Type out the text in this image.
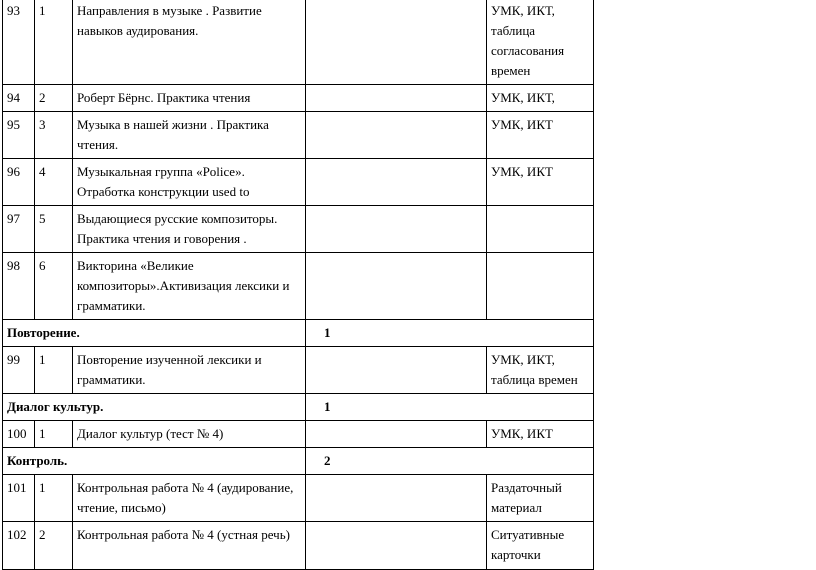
93	1	Направления в музыке . Развитие навыков аудирования.		УМК, ИКТ, таблица согласования времен
94	2	Роберт Бёрнс. Практика чтения		УМК, ИКТ,
95	3	Музыка в нашей жизни . Практика чтения.		УМК, ИКТ
96	4	Музыкальная группа «Police». Отработка конструкции used to		УМК, ИКТ
97	5	Выдающиеся русские композиторы. Практика чтения и говорения .		
98	6	Викторина «Великие композиторы».Активизация лексики и грамматики.		
Повторение.			1	
99	1	Повторение изученной лексики и грамматики.		УМК, ИКТ, таблица времен
Диалог культур.			1	
100	1	Диалог культур (тест № 4)		УМК, ИКТ
Контроль.			2	
101	1	Контрольная работа № 4 (аудирование, чтение, письмо)		Раздаточный материал
102	2	Контрольная работа № 4 (устная речь)		Ситуативные карточки
